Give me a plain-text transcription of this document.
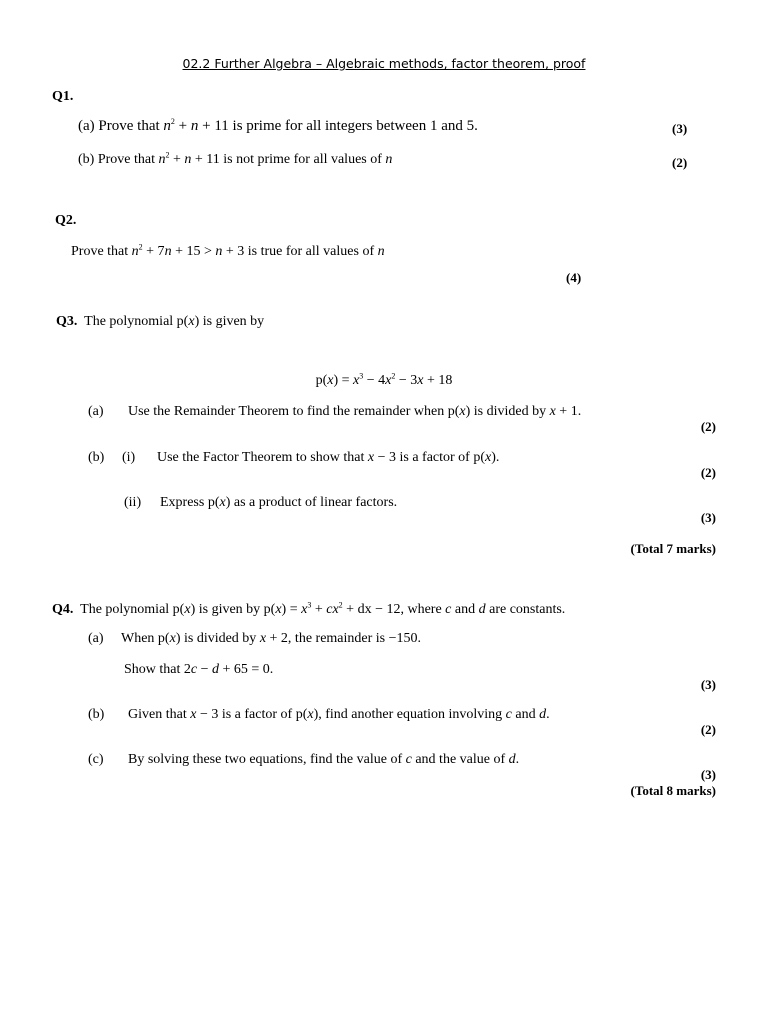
02.2 Further Algebra – Algebraic methods, factor theorem, proof
Q1.
(a) Prove that $n^2 + n + 11$ is prime for all integers between 1 and 5.	(3)
(b) Prove that $n^2 + n + 11$ is not prime for all values of n	(2)
Q2.
Prove that $n^2 + 7n + 15 > n + 3$ is true for all values of n
(4)
Q3. The polynomial p(x) is given by
$p(x) = x^3 - 4x^2 - 3x + 18$
(a) Use the Remainder Theorem to find the remainder when p(x) is divided by x + 1.
(2)
(b) (i) Use the Factor Theorem to show that x − 3 is a factor of p(x).
(2)
(ii) Express p(x) as a product of linear factors.
(3)
(Total 7 marks)
Q4. The polynomial p(x) is given by $p(x) = x^3 + cx^2$ + dx − 12, where c and d are constants.
(a) When p(x) is divided by x + 2, the remainder is −150.
Show that 2c − d + 65 = 0.
(3)
(b) Given that x − 3 is a factor of p(x), find another equation involving c and d.
(2)
(c) By solving these two equations, find the value of c and the value of d.
(3)
(Total 8 marks)
